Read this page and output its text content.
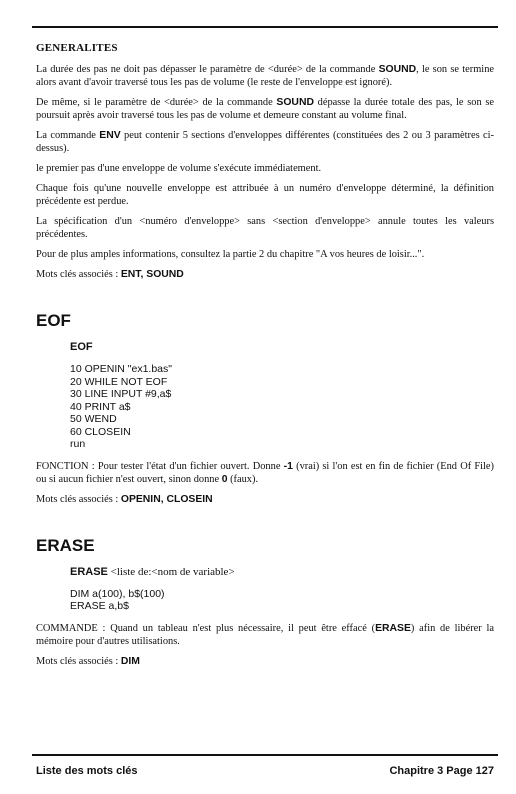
GENERALITES

La durée des pas ne doit pas dépasser le paramètre de <durée> de la commande SOUND, le son se termine alors avant d'avoir traversé tous les pas de volume (le reste de l'enveloppe est ignoré).

De même, si le paramètre de <durée> de la commande SOUND dépasse la durée totale des pas, le son se poursuit après avoir traversé tous les pas de volume et demeure constant au volume final.

La commande ENV peut contenir 5 sections d'enveloppes différentes (constituées des 2 ou 3 paramètres ci-dessus).

le premier pas d'une enveloppe de volume s'exécute immédiatement.

Chaque fois qu'une nouvelle enveloppe est attribuée à un numéro d'enveloppe déterminé, la définition précédente est perdue.

La spécification d'un <numéro d'enveloppe> sans <section d'enveloppe> annule toutes les valeurs précédentes.

Pour de plus amples informations, consultez la partie 2 du chapitre "A vos heures de loisir...".

Mots clés associés : ENT, SOUND

EOF
EOF
10 OPENIN "ex1.bas"
20 WHILE NOT EOF
30 LINE INPUT #9,a$
40 PRINT a$
50 WEND
60 CLOSEIN
run

FONCTION : Pour tester l'état d'un fichier ouvert. Donne -1 (vrai) si l'on est en fin de fichier (End Of File) ou si aucun fichier n'est ouvert, sinon donne 0 (faux).

Mots clés associés : OPENIN, CLOSEIN

ERASE
ERASE <liste de:<nom de variable>
DIM a(100), b$(100)
ERASE a,b$

COMMANDE : Quand un tableau n'est plus nécessaire, il peut être effacé (ERASE) afin de libérer la mémoire pour d'autres utilisations.

Mots clés associés : DIM

Liste des mots clés	Chapitre 3 Page 127
